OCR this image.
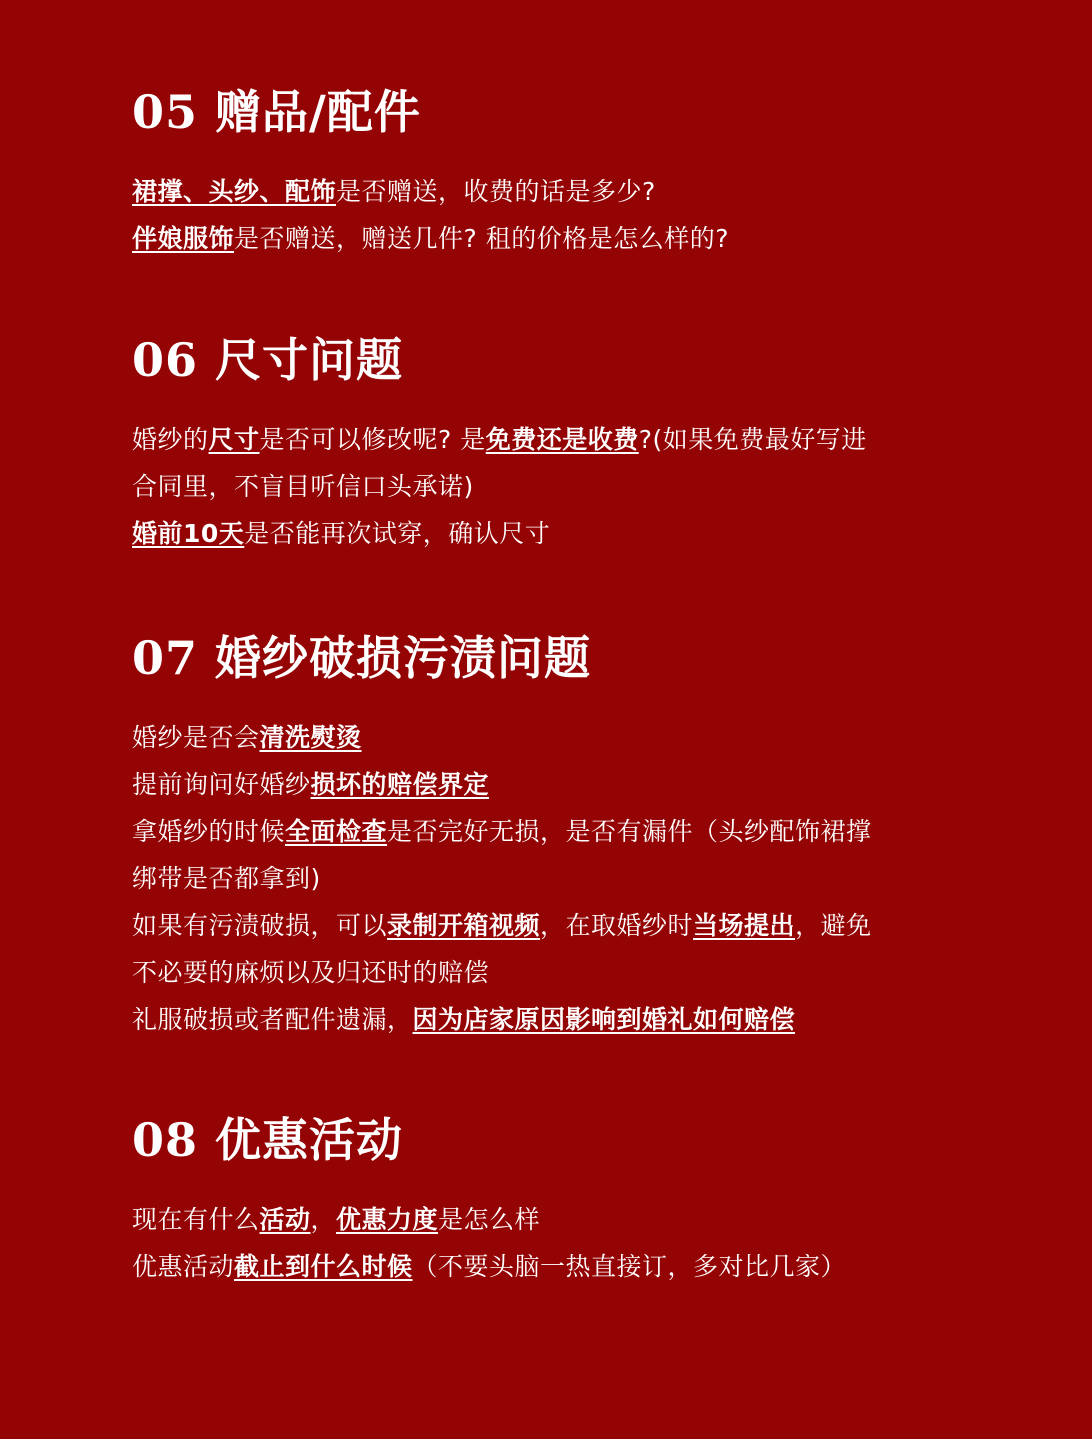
05 赠品/配件
裙撑、头纱、配饰是否赠送，收费的话是多少?
伴娘服饰是否赠送，赠送几件? 租的价格是怎么样的?
06 尺寸问题
婚纱的尺寸是否可以修改呢? 是免费还是收费?(如果免费最好写进
合同里，不盲目听信口头承诺)
婚前10天是否能再次试穿，确认尺寸
07 婚纱破损污渍问题
婚纱是否会清洗熨烫
提前询问好婚纱损坏的赔偿界定
拿婚纱的时候全面检查是否完好无损，是否有漏件（头纱配饰裙撑
绑带是否都拿到)
如果有污渍破损，可以录制开箱视频，在取婚纱时当场提出，避免
不必要的麻烦以及归还时的赔偿
礼服破损或者配件遗漏，因为店家原因影响到婚礼如何赔偿
08 优惠活动
现在有什么活动，优惠力度是怎么样
优惠活动截止到什么时候（不要头脑一热直接订，多对比几家）
